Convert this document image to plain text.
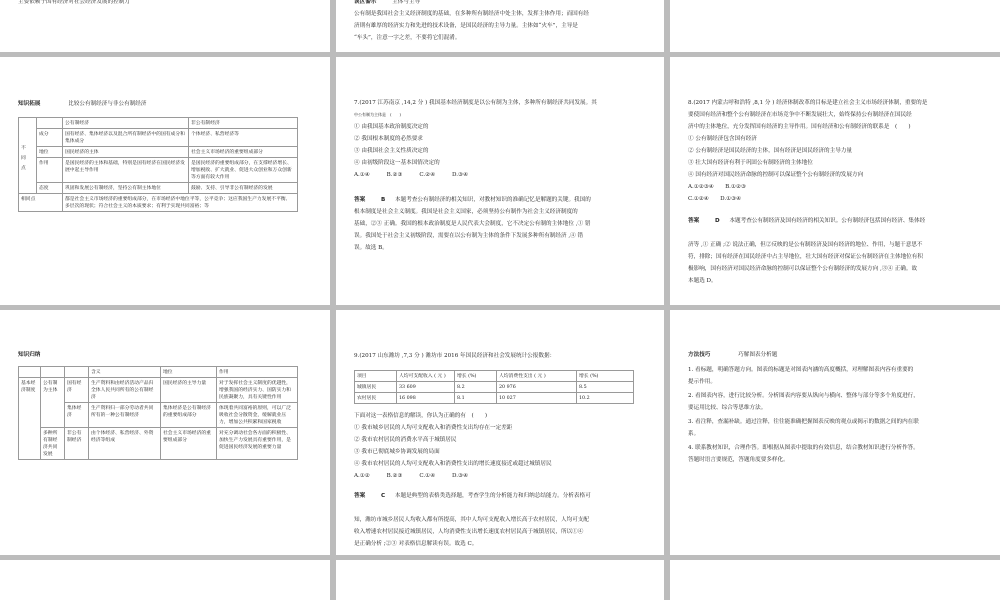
主要依赖于国有经济对社会经济发展的控制力	误区警示	主体与主导
公有制是我国社会主义经济制度的基础，在多种所有制经济中处主体，发挥主体作用；而国有经
济則有雄厚的经济实力和先进的技术设备，是国民经济的主导力量。主体如“火车”，主导是
“车头”，注意一字之差，不要将它们混淆。
知识拓展	比较公有制经济与非公有制经济
		公有制经济	非公有制经济

不同点	成分	国有经济、集体经济以及混合所有制经济中的国有成分和集体成分	个体经济、私营经济等
	地位	国民经济的主体	社会主义市场经济的重要组成部分
	作用	是国民经济的主体和基础，特别是国有经济在国民经济发展中起主导作用	是国民经济的重要组成部分，在支撑经济增长、增加税收、扩大就业、促进大众创业和万众创新等方面有较大作用
	态度	巩固和发展公有制经济，坚持公有制主体地位	鼓励、支持、引导非公有制经济的发展
相同点		都是社会主义市场经济的重要组成部分，在市场经济中地位平等，公平竞争；这应我国生产力发展不平衡、多层次的现状；符合社会主义的本质要求；有利于实现共同富裕；等	
7.(2017 江苏南京 ,14,2 分 ) 我国基本经济制度是以公有制为主体，多种所有制经济共同发展。其
中公有制为主体是　(　　)
① 由我国基本政治制度决定的
② 我国根本制度的必然要求
③ 由我国社会主义性质决定的
④ 由初级阶段这一基本国情决定的
A.①④　　　B.②③　　　C.②④　　　D.③④
答案	B 本题考查公有制经济的相关知识，对教材知识的准确记忆是解题的关键。我国的
根本制度是社会主义制度。我国是社会主义国家，必须坚持公有制作为社会主义经济制度的
基础，②③ 正确。我国的根本政治制度是人民代表大会制度，它不决定公有制的主体地位 ,① 错
误。我国处于社会主义初级阶段，需要在以公有制为主体的条件下发展多种所有制经济 ,④ 错
误。故选 B。
8.(2017 内蒙古呼和浩特 ,8,1 分 ) 经济体制改革的目标是建立社会主义市场经济体制，重要的是
要使国有经济和整个公有制经济在市场竞争中不断发展壮大，始终保持公有制经济在国民经
济中的主体地位，充分发挥国有经济的主导作用。国有经济和公有制经济的联系是　(　　)
① 公有制经济包含国有经济
② 公有制经济是国民经济的主体，国有经济是国民经济的主导力量
③ 壮大国有经济有利于巩固公有制经济的主体地位
④ 国有经济对国民经济命脉的控制可以保证整个公有制经济的发展方向
A.①②③④　　B.①②③
C.①②④　　D.①③④
答案	D 本题考查公有制经济及国有经济的相关知识。公有制经济包括国有经济、集体经
济等 ,① 正确 ;② 说法正确，但②反映的是公有制经济及国有经济的地位、作用，与题干意思不
符，排除；国有经济在国民经济中占主导地位，壮大国有经济对保证公有制经济在主体地位有积
极影响，国有经济对国民经济命脉的控制可以保证整个公有制经济的发展方向 ,③④ 正确。故
本题选 D。
知识归纳
			含义	地位	作用
基本经济制度	公有制为主体	国有经济	生产资料和由经济活动产品归全体人民共同所有的公有制经济	国民经济的主导力量	对于发挥社会主义制度的优越性，增强我国的经济实力、国防实力和民族凝聚力，具有关键性作用
		集体经济	生产资料归一部分劳动者共同所有的一种公有制经济	集体经济是公有制经济的重要组成部分	体现着共同富裕的原则，可以广泛吸收社会分散资金，缓解就业压力，增加公共积累和国家税收
	多种所有制经济共同发展	非公有制经济	由个体经济、私营经济、外资经济等组成	社会主义市场经济的重要组成部分	对充分调动社会各方面的积极性、加快生产力发展具有重要作用，是促进国民经济发展的重要力量
9.(2017 山东潍坊 ,7,3 分 ) 潍坊市 2016 年国民经济和社会发展统计公报数据：
项目	人均可支配收入 ( 元 )	增长 (%)	人均消费性支出 ( 元 )	增长 (%)
城镇居民	33 609	8.2	20 976	8.5
农村居民	16 098	8.1	10 027	10.2
下面对这一表格信息的解读，你认为正确的有　(　　)
① 我市城乡居民的人均可支配收入和消费性支出均存在一定差距
② 我市农村居民的消费水平高于城镇居民
③ 我市已彻底城乡协调发展的局面
④ 我市农村居民的人均可支配收入和消费性支出的增长速度接近或超过城镇居民
A.①②　　　B.②③　　　C.①④　　　D.③④
答案	C 本题是典型的表格类选择题，考查学生的分析能力和归纳总结能力。分析表格可
知，潍坊市城乡居民人均收入都有所提高，其中人均可支配收入增长高于农村居民，人均可支配
收入增速农村居民接近城镇居民，人均消费性支出增长速度农村居民高于城镇居民，所以①④
是正确分析 ;②③ 对表格信息解读有误。故选 C。
方法技巧	巧解图表分析题
1. 看标题，明确答题方向。图表的标题是对图表内涵的高度概括，对理解图表内容有重要的
提示作用。
2. 看图表内容，进行比较分析。分析图表内容要从纵向与横向、整体与部分等多个角度进行，
要运用比较、综合等思维方法。
3. 看注释，查漏补缺。通过注释，往往能准确把握图表反映的观点或揭示的数据之间的内在联
系。
4. 联系教材知识，合理作答。即根据从图表中提取的有效信息，结合教材知识进行分析作答。
答题时语言要规范，答题角度要多样化。
